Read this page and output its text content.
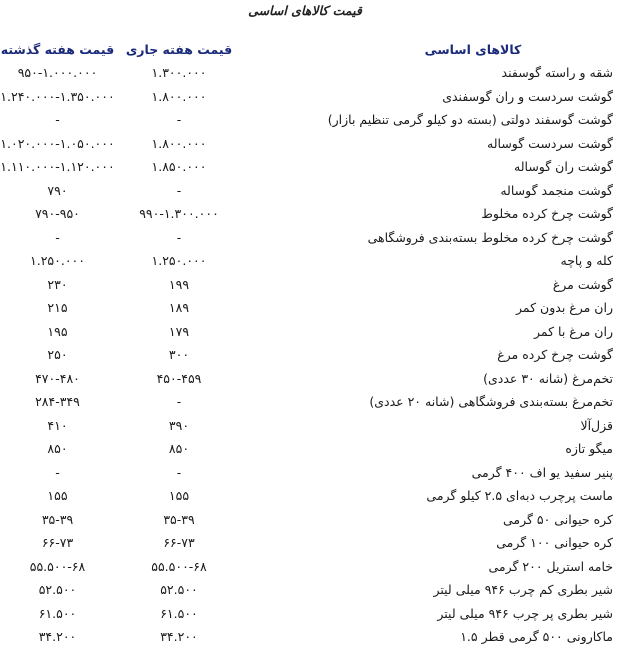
قیمت کالاهای اساسی
کالاهای اساسی
قیمت هفته جاری
قیمت هفته گذشته
شقه و راسته گوسفند
۱.۳۰۰.۰۰۰
۹۵۰-۱.۰۰۰.۰۰۰
گوشت سردست و ران گوسفندی
۱.۸۰۰.۰۰۰
۱.۲۴۰.۰۰۰-۱.۳۵۰.۰۰۰
گوشت گوسفند دولتی (بسته دو کیلو گرمی تنظیم بازار)
-
-
گوشت سردست گوساله
۱.۸۰۰.۰۰۰
۱.۰۲۰.۰۰۰-۱.۰۵۰.۰۰۰
گوشت ران گوساله
۱.۸۵۰.۰۰۰
۱.۱۱۰.۰۰۰-۱.۱۲۰.۰۰۰
گوشت منجمد گوساله
-
۷۹۰
گوشت چرخ کرده مخلوط
۹۹۰-۱.۳۰۰.۰۰۰
۷۹۰-۹۵۰
گوشت چرخ کرده مخلوط بسته‌بندی فروشگاهی
-
-
کله و پاچه
۱.۲۵۰.۰۰۰
۱.۲۵۰.۰۰۰
گوشت مرغ
۱۹۹
۲۳۰
ران مرغ بدون کمر
۱۸۹
۲۱۵
ران مرغ با کمر
۱۷۹
۱۹۵
گوشت چرخ کرده مرغ
۳۰۰
۲۵۰
تخم‌مرغ (شانه ۳۰ عددی)
۴۵۰-۴۵۹
۴۷۰-۴۸۰
تخم‌مرغ بسته‌بندی فروشگاهی (شانه ۲۰ عددی)
-
۲۸۴-۳۴۹
قزل‌آلا
۳۹۰
۴۱۰
میگو تازه
۸۵۰
۸۵۰
پنیر سفید یو اف ۴۰۰ گرمی
-
-
ماست پرچرب دبه‌ای ۲.۵ کیلو گرمی
۱۵۵
۱۵۵
کره حیوانی ۵۰ گرمی
۳۵-۳۹
۳۵-۳۹
کره حیوانی ۱۰۰ گرمی
۶۶-۷۳
۶۶-۷۳
خامه استریل ۲۰۰ گرمی
۵۵.۵۰۰-۶۸
۵۵.۵۰۰-۶۸
شیر بطری کم چرب ۹۴۶ میلی لیتر
۵۲.۵۰۰
۵۲.۵۰۰
شیر بطری پر چرب ۹۴۶ میلی لیتر
۶۱.۵۰۰
۶۱.۵۰۰
ماکارونی ۵۰۰ گرمی قطر ۱.۵
۳۴.۲۰۰
۳۴.۲۰۰
